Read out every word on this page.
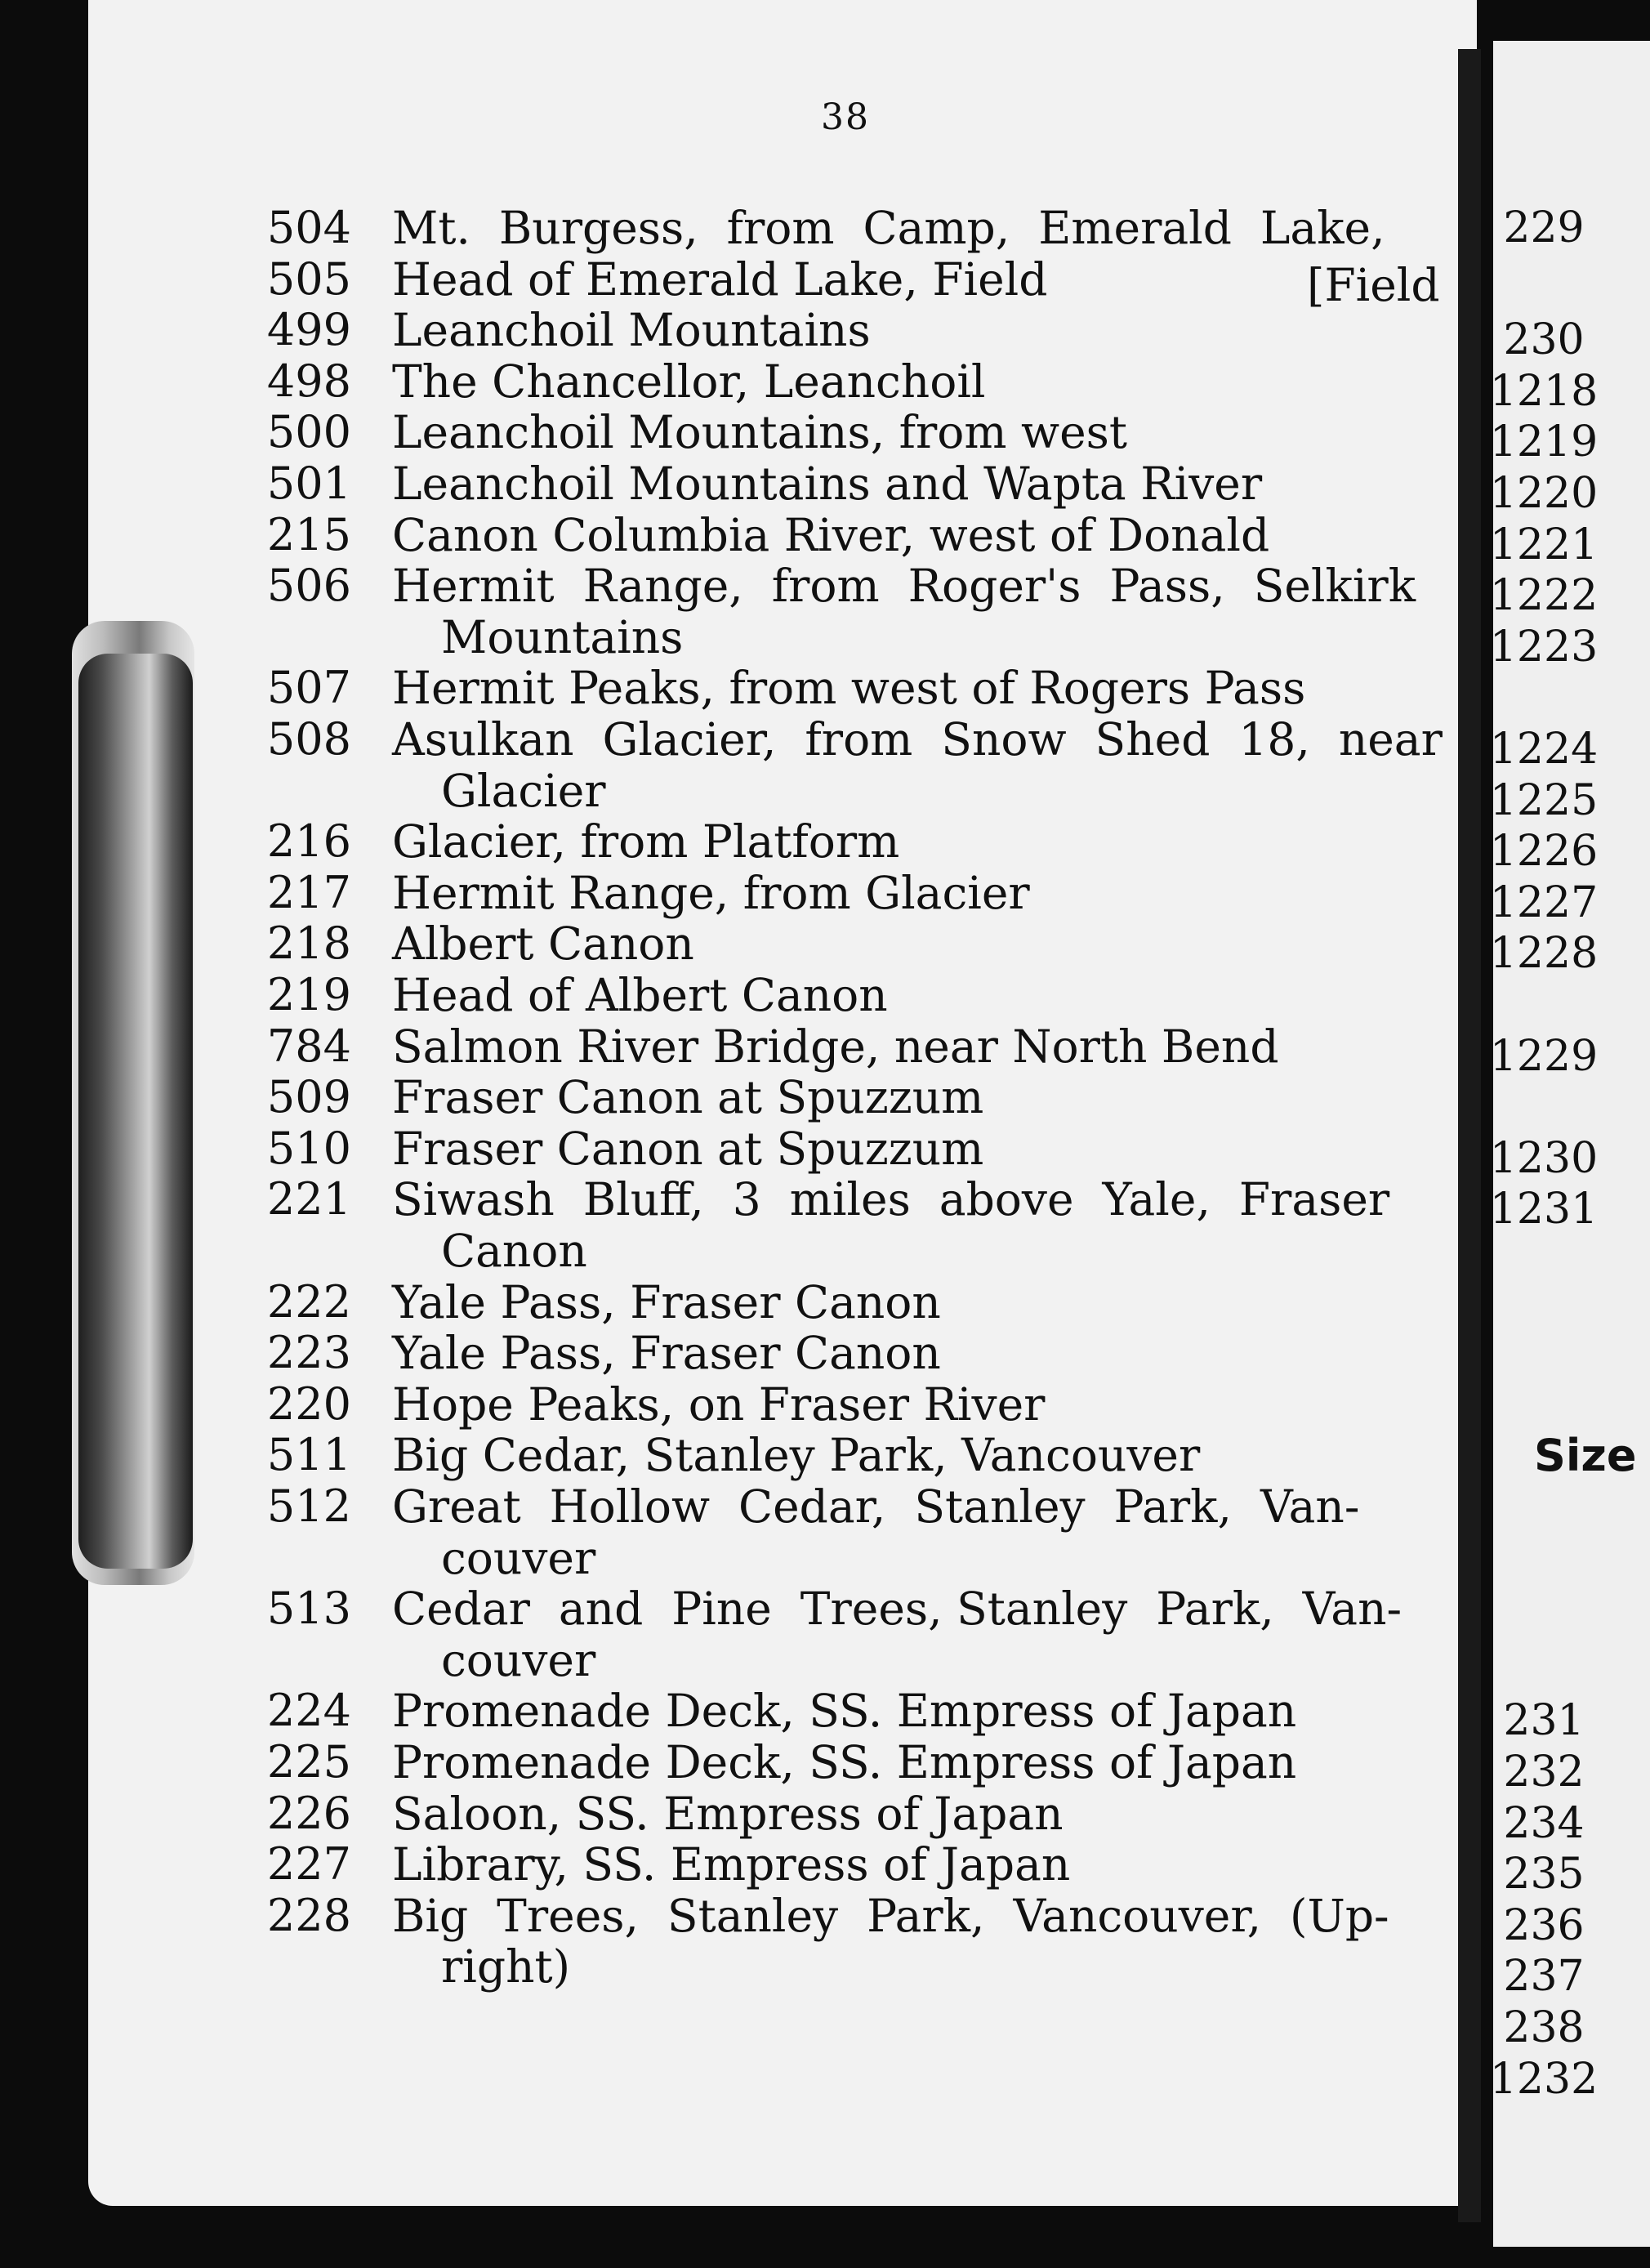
38
504 Mt.  Burgess,  from  Camp,  Emerald  Lake,
505 Head of Emerald Lake, Field
499 Leanchoil Mountains
498 The Chancellor, Leanchoil
500 Leanchoil Mountains, from west
501 Leanchoil Mountains and Wapta River
215 Canon Columbia River, west of Donald
506 Hermit  Range,  from  Roger's  Pass,  Selkirk
Mountains
507 Hermit Peaks, from west of Rogers Pass
508 Asulkan  Glacier,  from  Snow  Shed  18,  near
Glacier
216 Glacier, from Platform
217 Hermit Range, from Glacier
218 Albert Canon
219 Head of Albert Canon
784 Salmon River Bridge, near North Bend
509 Fraser Canon at Spuzzum
510 Fraser Canon at Spuzzum
221 Siwash  Bluff,  3  miles  above  Yale,  Fraser
Canon
222 Yale Pass, Fraser Canon
223 Yale Pass, Fraser Canon
220 Hope Peaks, on Fraser River
511 Big Cedar, Stanley Park, Vancouver
512 Great  Hollow  Cedar,  Stanley  Park,  Van-
couver
513 Cedar  and  Pine  Trees, Stanley  Park,  Van-
couver
224 Promenade Deck, SS. Empress of Japan
225 Promenade Deck, SS. Empress of Japan
226 Saloon, SS. Empress of Japan
227 Library, SS. Empress of Japan
228 Big  Trees,  Stanley  Park,  Vancouver,  (Up-
right)
[Field
229
230
1218
1219
1220
1221
1222
1223
1224
1225
1226
1227
1228
1229
1230
1231
231
232
234
235
236
237
238
1232
Size
